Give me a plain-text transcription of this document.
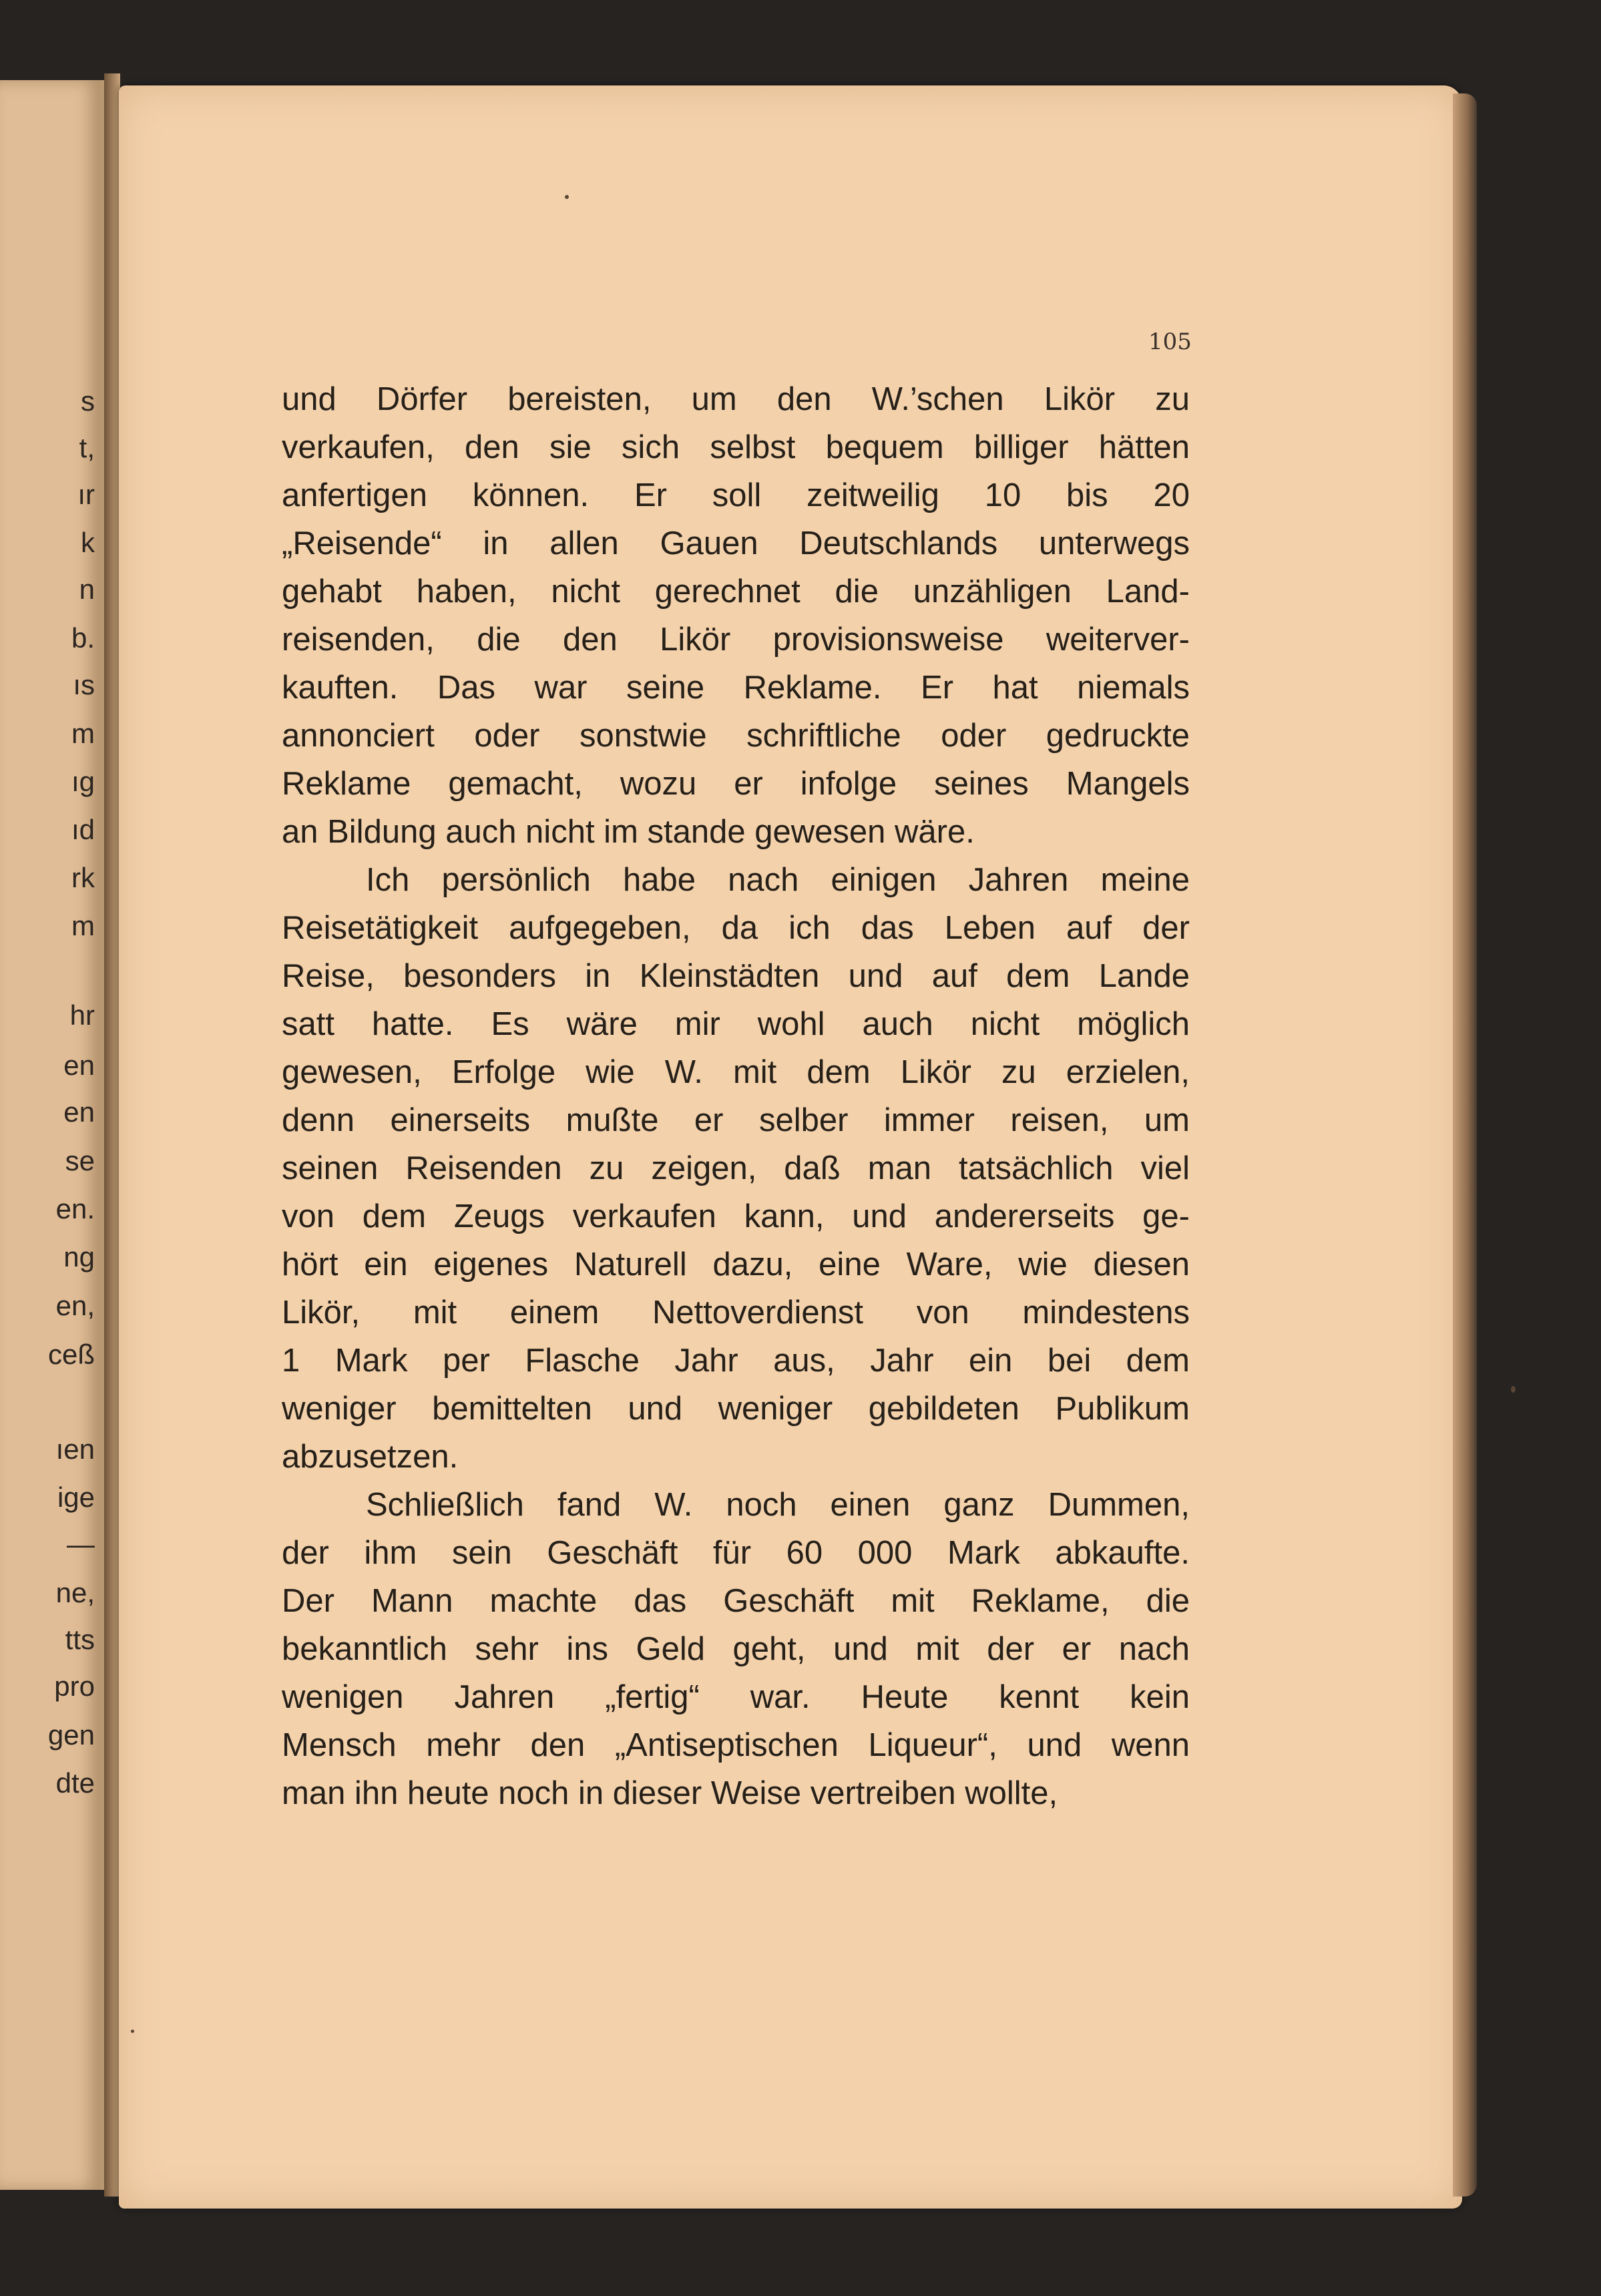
s
t,
ır
k
n
b.
ıs
m
ıg
ıd
rk
m
hr
en
en
se
en.
ng
en,
ceß
ıen
ige
—
ne,
tts
pro
gen
dte
105
und Dörfer bereisten, um den W.’schen Likör zu
verkaufen, den sie sich selbst bequem billiger hätten
anfertigen können. Er soll zeitweilig 10 bis 20
„Reisende“ in allen Gauen Deutschlands unterwegs
gehabt haben, nicht gerechnet die unzähligen Land-
reisenden, die den Likör provisionsweise weiterver-
kauften. Das war seine Reklame. Er hat niemals
annonciert oder sonstwie schriftliche oder gedruckte
Reklame gemacht, wozu er infolge seines Mangels
an Bildung auch nicht im stande gewesen wäre.
Ich persönlich habe nach einigen Jahren meine
Reisetätigkeit aufgegeben, da ich das Leben auf der
Reise, besonders in Kleinstädten und auf dem Lande
satt hatte. Es wäre mir wohl auch nicht möglich
gewesen, Erfolge wie W. mit dem Likör zu erzielen,
denn einerseits mußte er selber immer reisen, um
seinen Reisenden zu zeigen, daß man tatsächlich viel
von dem Zeugs verkaufen kann, und andererseits ge-
hört ein eigenes Naturell dazu, eine Ware, wie diesen
Likör, mit einem Nettoverdienst von mindestens
1 Mark per Flasche Jahr aus, Jahr ein bei dem
weniger bemittelten und weniger gebildeten Publikum
abzusetzen.
Schließlich fand W. noch einen ganz Dummen,
der ihm sein Geschäft für 60 000 Mark abkaufte.
Der Mann machte das Geschäft mit Reklame, die
bekanntlich sehr ins Geld geht, und mit der er nach
wenigen Jahren „fertig“ war. Heute kennt kein
Mensch mehr den „Antiseptischen Liqueur“, und wenn
man ihn heute noch in dieser Weise vertreiben wollte,
